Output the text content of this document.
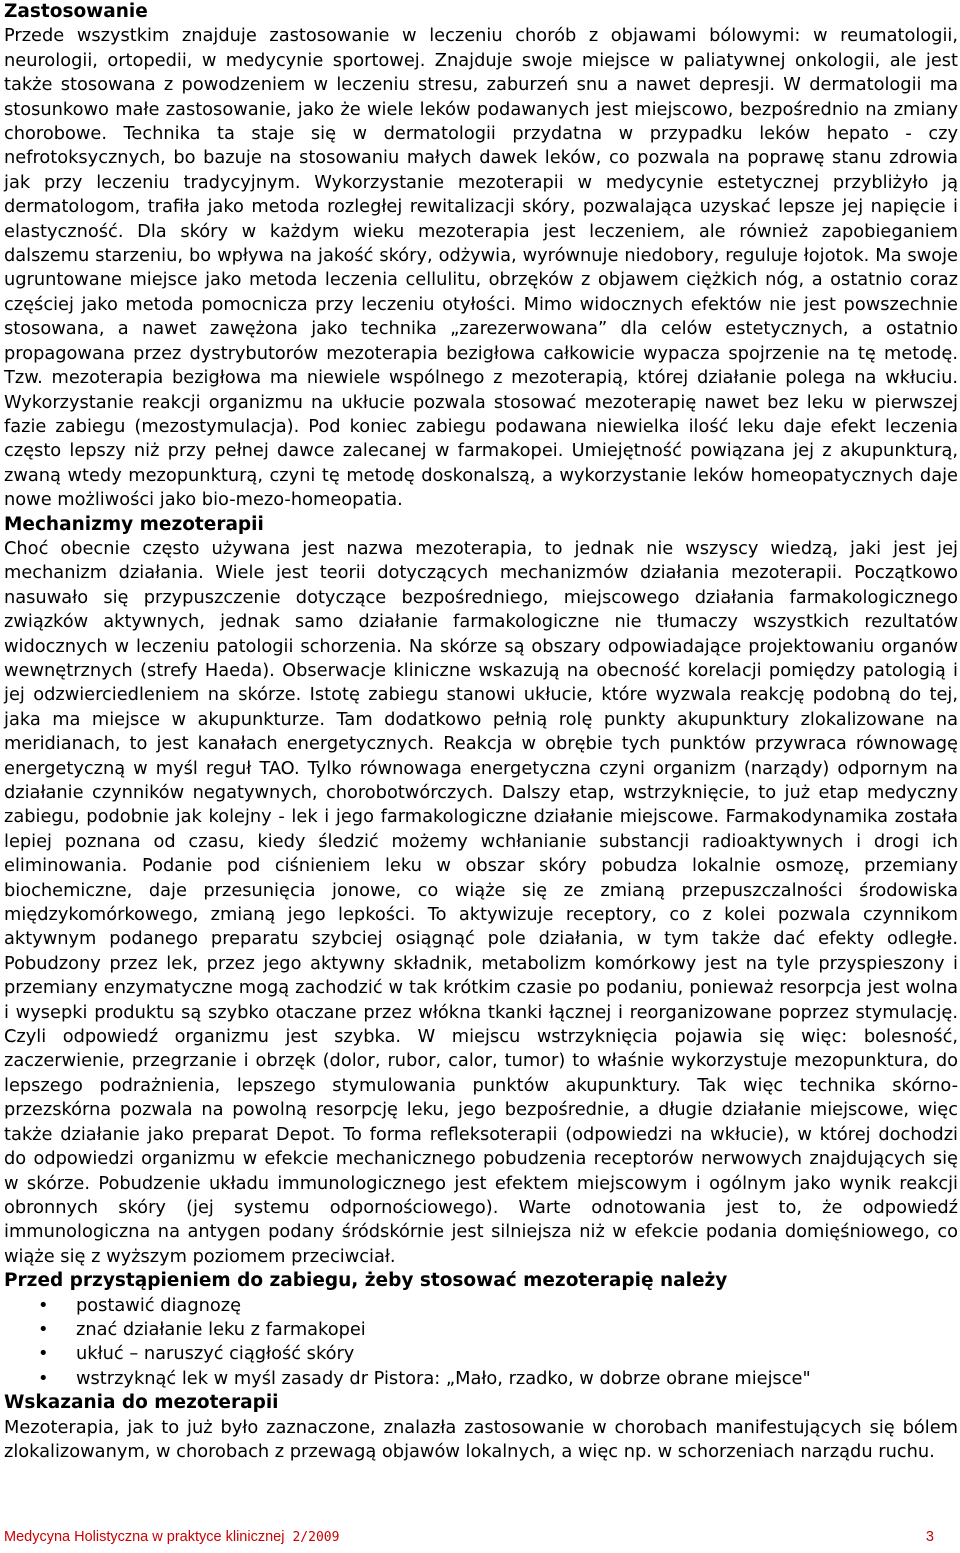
Zastosowanie

Przede wszystkim znajduje zastosowanie w leczeniu chorób z objawami bólowymi: w reumatologii, neurologii, ortopedii, w medycynie sportowej. Znajduje swoje miejsce w paliatywnej onkologii, ale jest także stosowana z powodzeniem w leczeniu stresu, zaburzeń snu a nawet depresji. W dermatologii ma stosunkowo małe zastosowanie, jako że wiele leków podawanych jest miejscowo, bezpośrednio na zmiany chorobowe. Technika ta staje się w dermatologii przydatna w przypadku leków hepato - czy nefrotoksycznych, bo bazuje na stosowaniu małych dawek leków, co pozwala na poprawę stanu zdrowia jak przy leczeniu tradycyjnym. Wykorzystanie mezoterapii w medycynie estetycznej przybliżyło ją dermatologom, trafiła jako metoda rozległej rewitalizacji skóry, pozwalająca uzyskać lepsze jej napięcie i elastyczność. Dla skóry w każdym wieku mezoterapia jest leczeniem, ale również zapobieganiem dalszemu starzeniu, bo wpływa na jakość skóry, odżywia, wyrównuje niedobory, reguluje łojotok. Ma swoje ugruntowane miejsce jako metoda leczenia cellulitu, obrzęków z objawem ciężkich nóg, a ostatnio coraz częściej jako metoda pomocnicza przy leczeniu otyłości. Mimo widocznych efektów nie jest powszechnie stosowana, a nawet zawężona jako technika „zarezerwowana” dla celów estetycznych, a ostatnio propagowana przez dystrybutorów mezoterapia bezigłowa całkowicie wypacza spojrzenie na tę metodę. Tzw. mezoterapia bezigłowa ma niewiele wspólnego z mezoterapią, której działanie polega na wkłuciu. Wykorzystanie reakcji organizmu na ukłucie pozwala stosować mezoterapię nawet bez leku w pierwszej fazie zabiegu (mezostymulacja). Pod koniec zabiegu podawana niewielka ilość leku daje efekt leczenia często lepszy niż przy pełnej dawce zalecanej w farmakopei. Umiejętność powiązana jej z akupunkturą, zwaną wtedy mezopunkturą, czyni tę metodę doskonalszą, a wykorzystanie leków homeopatycznych daje nowe możliwości jako bio-mezo-homeopatia.

Mechanizmy mezoterapii

Choć obecnie często używana jest nazwa mezoterapia, to jednak nie wszyscy wiedzą, jaki jest jej mechanizm działania. Wiele jest teorii dotyczących mechanizmów działania mezoterapii. Początkowo nasuwało się przypuszczenie dotyczące bezpośredniego, miejscowego działania farmakologicznego związków aktywnych, jednak samo działanie farmakologiczne nie tłumaczy wszystkich rezultatów widocznych w leczeniu patologii schorzenia. Na skórze są obszary odpowiadające projektowaniu organów wewnętrznych (strefy Haeda). Obserwacje kliniczne wskazują na obecność korelacji pomiędzy patologią i jej odzwierciedleniem na skórze. Istotę zabiegu stanowi ukłucie, które wyzwala reakcję podobną do tej, jaka ma miejsce w akupunkturze. Tam dodatkowo pełnią rolę punkty akupunktury zlokalizowane na meridianach, to jest kanałach energetycznych. Reakcja w obrębie tych punktów przywraca równowagę energetyczną w myśl reguł TAO. Tylko równowaga energetyczna czyni organizm (narządy) odpornym na działanie czynników negatywnych, chorobotwórczych. Dalszy etap, wstrzyknięcie, to już etap medyczny zabiegu, podobnie jak kolejny - lek i jego farmakologiczne działanie miejscowe. Farmakodynamika została lepiej poznana od czasu, kiedy śledzić możemy wchłanianie substancji radioaktywnych i drogi ich eliminowania. Podanie pod ciśnieniem leku w obszar skóry pobudza lokalnie osmozę, przemiany biochemiczne, daje przesunięcia jonowe, co wiąże się ze zmianą przepuszczalności środowiska międzykomórkowego, zmianą jego lepkości. To aktywizuje receptory, co z kolei pozwala czynnikom aktywnym podanego preparatu szybciej osiągnąć pole działania, w tym także dać efekty odległe. Pobudzony przez lek, przez jego aktywny składnik, metabolizm komórkowy jest na tyle przyspieszony i przemiany enzymatyczne mogą zachodzić w tak krótkim czasie po podaniu, ponieważ resorpcja jest wolna i wysepki produktu są szybko otaczane przez włókna tkanki łącznej i reorganizowane poprzez stymulację. Czyli odpowiedź organizmu jest szybka. W miejscu wstrzyknięcia pojawia się więc: bolesność, zaczerwienie, przegrzanie i obrzęk (dolor, rubor, calor, tumor) to właśnie wykorzystuje mezopunktura, do lepszego podrażnienia, lepszego stymulowania punktów akupunktury. Tak więc technika skórno-przezskórna pozwala na powolną resorpcję leku, jego bezpośrednie, a długie działanie miejscowe, więc także działanie jako preparat Depot. To forma refleksoterapii (odpowiedzi na wkłucie), w której dochodzi do odpowiedzi organizmu w efekcie mechanicznego pobudzenia receptorów nerwowych znajdujących się w skórze. Pobudzenie układu immunologicznego jest efektem miejscowym i ogólnym jako wynik reakcji obronnych skóry (jej systemu odpornościowego). Warte odnotowania jest to, że odpowiedź immunologiczna na antygen podany śródskórnie jest silniejsza niż w efekcie podania domięśniowego, co wiąże się z wyższym poziomem przeciwciał.

Przed przystąpieniem do zabiegu, żeby stosować mezoterapię należy
• postawić diagnozę
• znać działanie leku z farmakopei
• ukłuć – naruszyć ciągłość skóry
• wstrzyknąć lek w myśl zasady dr Pistora: „Mało, rzadko, w dobrze obrane miejsce"
Wskazania do mezoterapii

Mezoterapia, jak to już było zaznaczone, znalazła zastosowanie w chorobach manifestujących się bólem zlokalizowanym, w chorobach z przewagą objawów lokalnych, a więc np. w schorzeniach narządu ruchu.

Medycyna Holistyczna w praktyce klinicznej 2/2009	3
